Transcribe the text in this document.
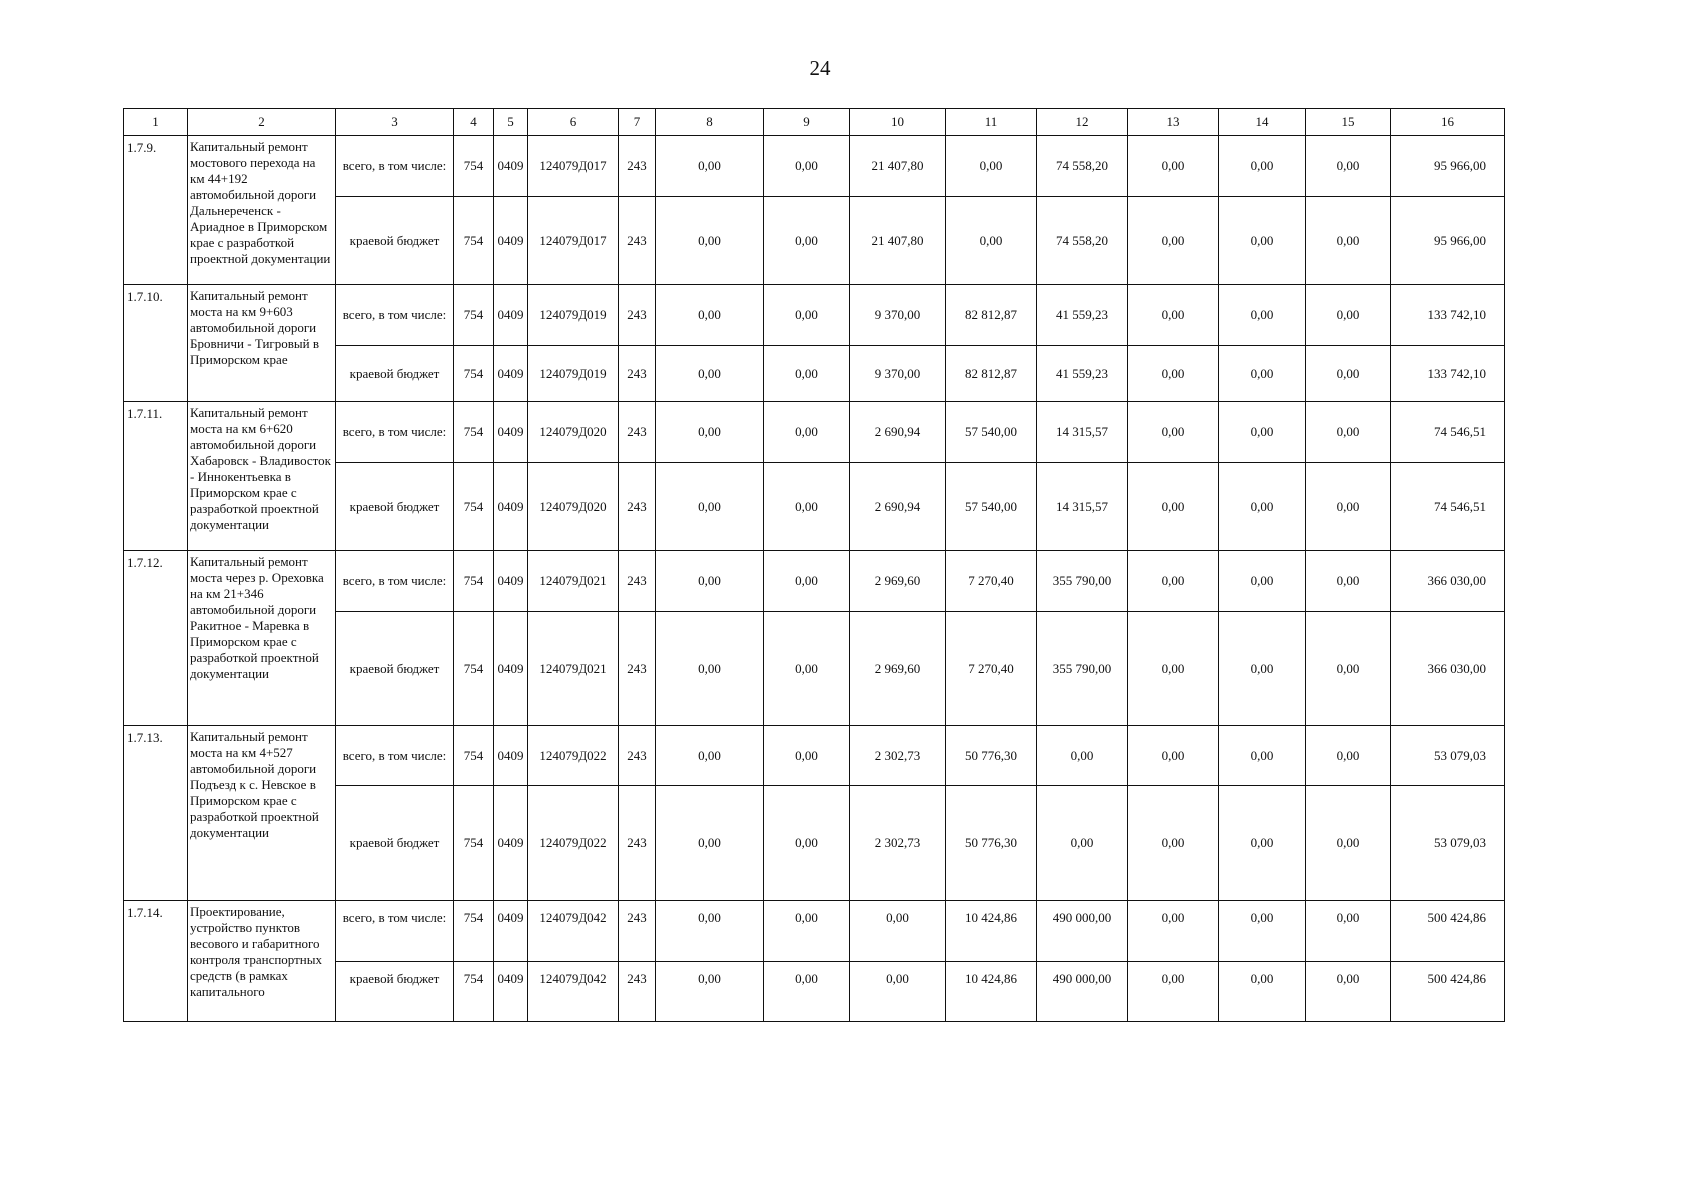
24
1	2	3	4	5	6	7	8	9	10	11	12	13	14	15	16
1.7.9.	Капитальный ремонт мостового перехода на км 44+192 автомобильной дороги Дальнереченск - Ариадное в Приморском крае с разработкой проектной документации	всего, в том числе:	754	0409	124079Д017	243	0,00	0,00	21 407,80	0,00	74 558,20	0,00	0,00	0,00	95 966,00
		краевой бюджет	754	0409	124079Д017	243	0,00	0,00	21 407,80	0,00	74 558,20	0,00	0,00	0,00	95 966,00
1.7.10.	Капитальный ремонт моста на км 9+603 автомобильной дороги Бровничи - Тигровый в Приморском крае	всего, в том числе:	754	0409	124079Д019	243	0,00	0,00	9 370,00	82 812,87	41 559,23	0,00	0,00	0,00	133 742,10
		краевой бюджет	754	0409	124079Д019	243	0,00	0,00	9 370,00	82 812,87	41 559,23	0,00	0,00	0,00	133 742,10
1.7.11.	Капитальный ремонт моста на км 6+620 автомобильной дороги Хабаровск - Владивосток - Иннокентьевка в Приморском крае с разработкой проектной документации	всего, в том числе:	754	0409	124079Д020	243	0,00	0,00	2 690,94	57 540,00	14 315,57	0,00	0,00	0,00	74 546,51
		краевой бюджет	754	0409	124079Д020	243	0,00	0,00	2 690,94	57 540,00	14 315,57	0,00	0,00	0,00	74 546,51
1.7.12.	Капитальный ремонт моста через р. Ореховка на км 21+346 автомобильной дороги Ракитное - Маревка в Приморском крае с разработкой проектной документации	всего, в том числе:	754	0409	124079Д021	243	0,00	0,00	2 969,60	7 270,40	355 790,00	0,00	0,00	0,00	366 030,00
		краевой бюджет	754	0409	124079Д021	243	0,00	0,00	2 969,60	7 270,40	355 790,00	0,00	0,00	0,00	366 030,00
1.7.13.	Капитальный ремонт моста на км 4+527 автомобильной дороги Подъезд к с. Невское в Приморском крае с разработкой проектной документации	всего, в том числе:	754	0409	124079Д022	243	0,00	0,00	2 302,73	50 776,30	0,00	0,00	0,00	0,00	53 079,03
		краевой бюджет	754	0409	124079Д022	243	0,00	0,00	2 302,73	50 776,30	0,00	0,00	0,00	0,00	53 079,03
1.7.14.	Проектирование, устройство пунктов весового и габаритного контроля транспортных средств (в рамках капитального	всего, в том числе:	754	0409	124079Д042	243	0,00	0,00	0,00	10 424,86	490 000,00	0,00	0,00	0,00	500 424,86
		краевой бюджет	754	0409	124079Д042	243	0,00	0,00	0,00	10 424,86	490 000,00	0,00	0,00	0,00	500 424,86
